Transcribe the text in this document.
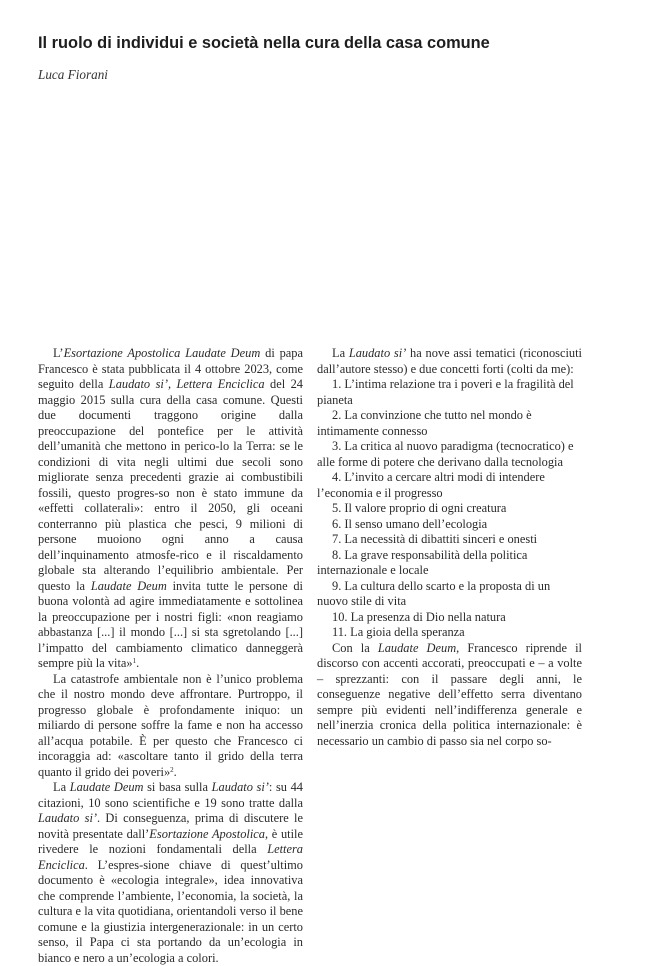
Il ruolo di individui e società nella cura della casa comune

Luca Fiorani

L’Esortazione Apostolica Laudate Deum di papa Francesco è stata pubblicata il 4 ottobre 2023, come seguito della Laudato si’, Lettera Enciclica del 24 maggio 2015 sulla cura della casa comune. Questi due documenti traggono origine dalla preoccupazione del pontefice per le attività dell’umanità che mettono in perico-lo la Terra: se le condizioni di vita negli ultimi due secoli sono migliorate senza precedenti grazie ai combustibili fossili, questo progres-so non è stato immune da «effetti collaterali»: entro il 2050, gli oceani conterranno più plastica che pesci, 9 milioni di persone muoiono ogni anno a causa dell’inquinamento atmosfe-rico e il riscaldamento globale sta alterando l’equilibrio ambientale. Per questo la Laudate Deum invita tutte le persone di buona volontà ad agire immediatamente e sottolinea la preoccupazione per i nostri figli: «non reagiamo abbastanza [...] il mondo [...] si sta sgretolando [...] l’impatto del cambiamento climatico danneggerà sempre più la vita»$^1$.

La catastrofe ambientale non è l’unico problema che il nostro mondo deve affrontare. Purtroppo, il progresso globale è profondamente iniquo: un miliardo di persone soffre la fame e non ha accesso all’acqua potabile. È per questo che Francesco ci incoraggia ad: «ascoltare tanto il grido della terra quanto il grido dei poveri»$^2$.

La Laudate Deum si basa sulla Laudato si’: su 44 citazioni, 10 sono scientifiche e 19 sono tratte dalla Laudato si’. Di conseguenza, prima di discutere le novità presentate dall’Esortazione Apostolica, è utile rivedere le nozioni fondamentali della Lettera Enciclica. L’espres-sione chiave di quest’ultimo documento è «ecologia integrale», idea innovativa che comprende l’ambiente, l’economia, la società, la cultura e la vita quotidiana, orientandoli verso il bene comune e la giustizia intergenerazionale: in un certo senso, il Papa ci sta portando da un’ecologia in bianco e nero a un’ecologia a colori.

La Laudato si’ ha nove assi tematici (riconosciuti dall’autore stesso) e due concetti forti (colti da me):

1. L’intima relazione tra i poveri e la fragilità del pianeta
2. La convinzione che tutto nel mondo è intimamente connesso
3. La critica al nuovo paradigma (tecnocratico) e alle forme di potere che derivano dalla tecnologia
4. L’invito a cercare altri modi di intendere l’economia e il progresso
5. Il valore proprio di ogni creatura
6. Il senso umano dell’ecologia
7. La necessità di dibattiti sinceri e onesti
8. La grave responsabilità della politica internazionale e locale
9. La cultura dello scarto e la proposta di un nuovo stile di vita
10. La presenza di Dio nella natura
11. La gioia della speranza

Con la Laudate Deum, Francesco riprende il discorso con accenti accorati, preoccupati e – a volte – sprezzanti: con il passare degli anni, le conseguenze negative dell’effetto serra diventano sempre più evidenti nell’indifferenza generale e nell’inerzia cronica della politica internazionale: è necessario un cambio di passo sia nel corpo so-
